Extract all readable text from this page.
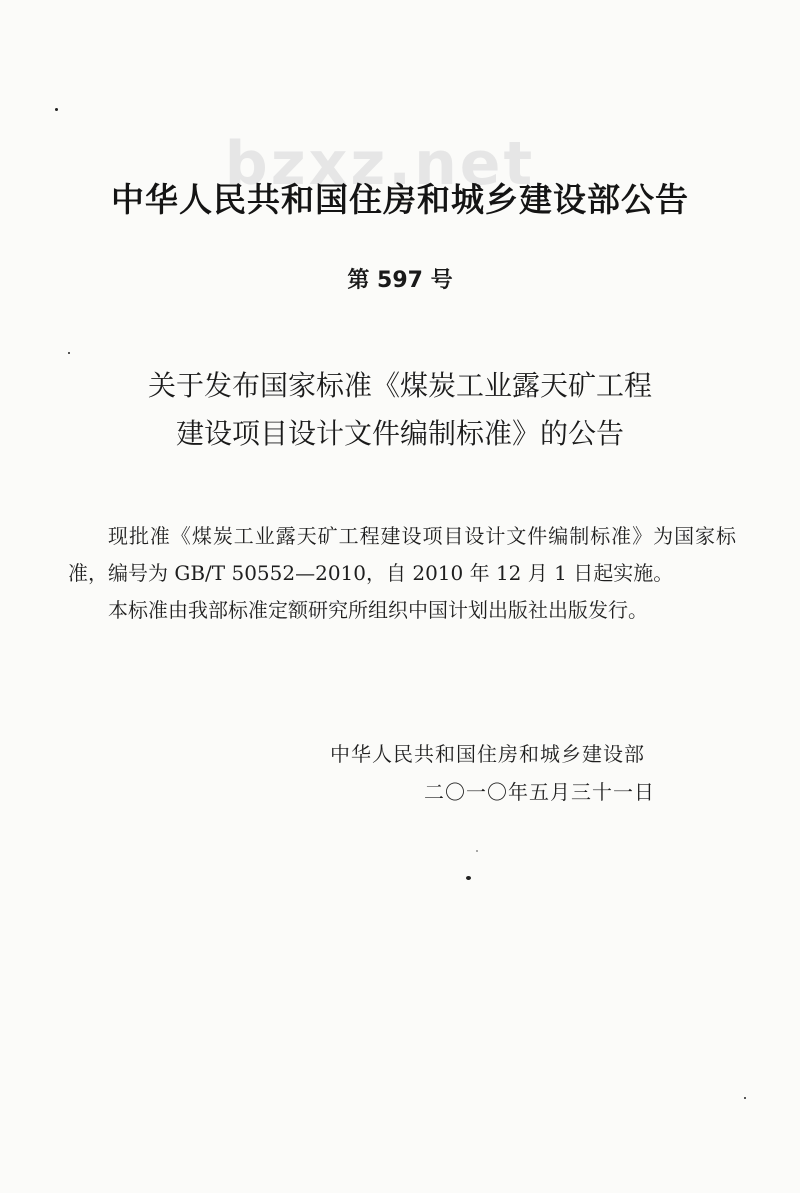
bzxz.net
中华人民共和国住房和城乡建设部公告
第 597 号
关于发布国家标准《煤炭工业露天矿工程
建设项目设计文件编制标准》的公告

现批准《煤炭工业露天矿工程建设项目设计文件编制标准》为国家标准，编号为 GB/T 50552—2010，自 2010 年 12 月 1 日起实施。

本标准由我部标准定额研究所组织中国计划出版社出版发行。

中华人民共和国住房和城乡建设部
二〇一〇年五月三十一日
